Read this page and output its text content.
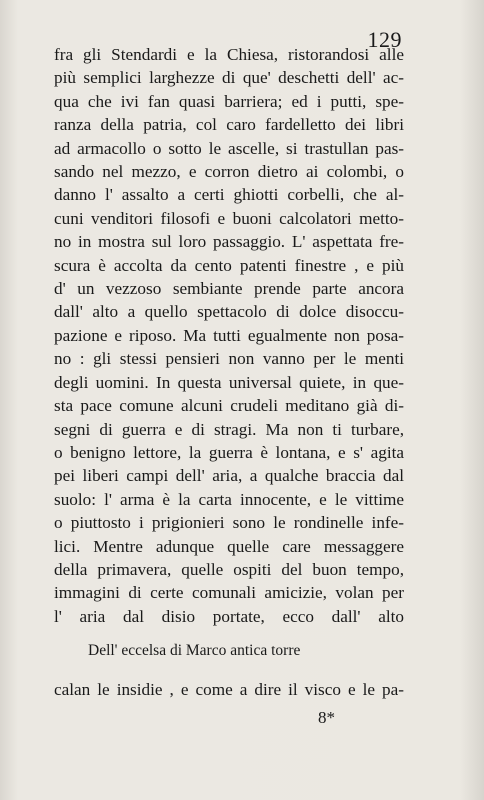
129
fra gli Stendardi e la Chiesa, ristorandosi alle
più semplici larghezze di que' deschetti dell' ac-
qua che ivi fan quasi barriera; ed i putti, spe-
ranza della patria, col caro fardelletto dei libri
ad armacollo o sotto le ascelle, si trastullan pas-
sando nel mezzo, e corron dietro ai colombi, o
danno l' assalto a certi ghiotti corbelli, che al-
cuni venditori filosofi e buoni calcolatori metto-
no in mostra sul loro passaggio. L' aspettata fre-
scura è accolta da cento patenti finestre , e più
d' un vezzoso sembiante prende parte ancora
dall' alto a quello spettacolo di dolce disoccu-
pazione e riposo. Ma tutti egualmente non posa-
no : gli stessi pensieri non vanno per le menti
degli uomini. In questa universal quiete, in que-
sta pace comune alcuni crudeli meditano già di-
segni di guerra e di stragi. Ma non ti turbare,
o benigno lettore, la guerra è lontana, e s' agita
pei liberi campi dell' aria, a qualche braccia dal
suolo: l' arma è la carta innocente, e le vittime
o piuttosto i prigionieri sono le rondinelle infe-
lici. Mentre adunque quelle care messaggere
della primavera, quelle ospiti del buon tempo,
immagini di certe comunali amicizie, volan per
l' aria dal disio portate, ecco dall' alto
Dell' eccelsa di Marco antica torre
calan le insidie , e come a dire il visco e le pa-
8*
